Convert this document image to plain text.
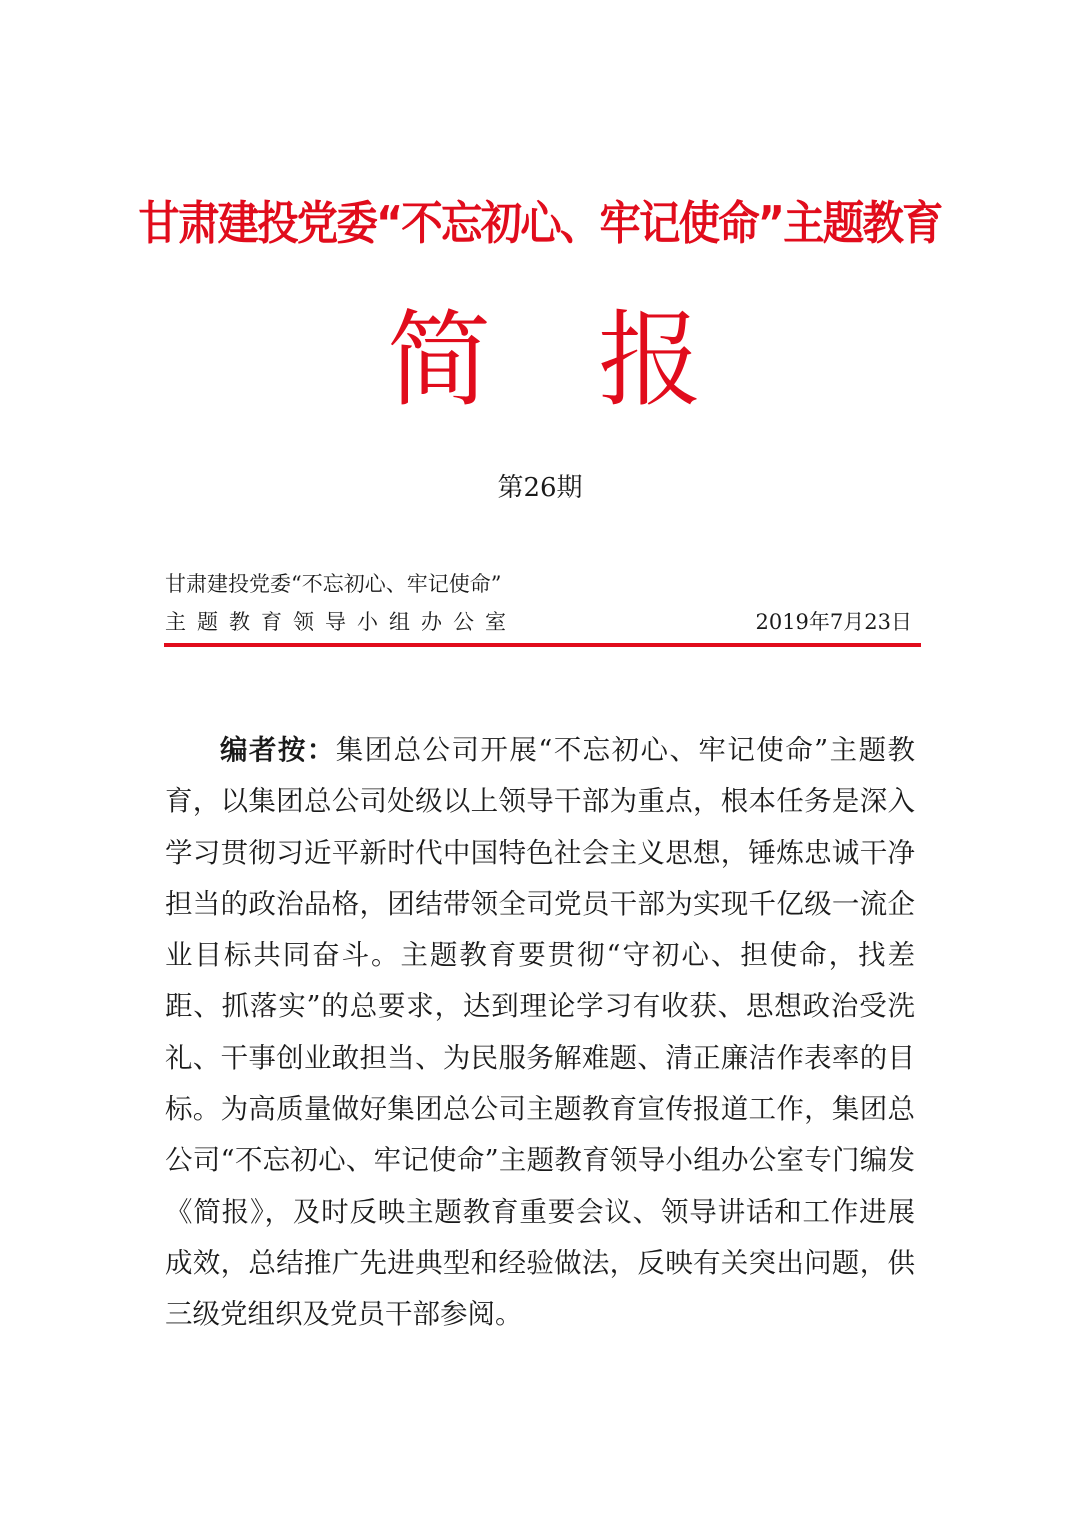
甘肃建投党委“不忘初心、牢记使命”主题教育
简 报
第26期
甘肃建投党委“不忘初心、牢记使命”
主题教育领导小组办公室	2019年7月23日

编者按：集团总公司开展“不忘初心、牢记使命”主题教育，以集团总公司处级以上领导干部为重点，根本任务是深入学习贯彻习近平新时代中国特色社会主义思想，锤炼忠诚干净担当的政治品格，团结带领全司党员干部为实现千亿级一流企业目标共同奋斗。主题教育要贯彻“守初心、担使命，找差距、抓落实”的总要求，达到理论学习有收获、思想政治受洗礼、干事创业敢担当、为民服务解难题、清正廉洁作表率的目标。为高质量做好集团总公司主题教育宣传报道工作，集团总公司“不忘初心、牢记使命”主题教育领导小组办公室专门编发《简报》，及时反映主题教育重要会议、领导讲话和工作进展成效，总结推广先进典型和经验做法，反映有关突出问题，供三级党组织及党员干部参阅。
